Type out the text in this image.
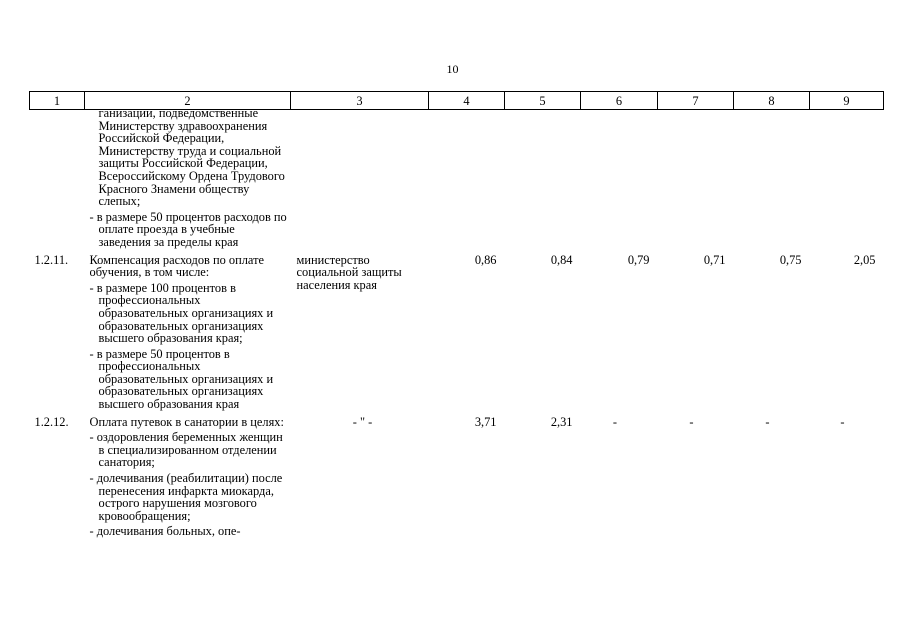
10
1	2	3	4	5	6	7	8	9

	ганизации, подведомственные Министерству здравоохранения Российской Федерации, Министерству труда и социальной защиты Российской Федерации, Всероссийскому Ордена Трудового Красного Знамени обществу слепых;
- в размере 50 процентов расходов по оплате проезда в учебные заведения за пределы края							

1.2.11.	Компенсация расходов по оплате обучения, в том числе:
- в размере 100 процентов в профессиональных образовательных организациях и образовательных организациях высшего образования края;
- в размере 50 процентов в профессиональных образовательных организациях и образовательных организациях высшего образования края	министерство социальной защиты населения края	0,86	0,84	0,79	0,71	0,75	2,05
1.2.12.	Оплата путевок в санатории в целях:
- оздоровления беременных женщин в специализированном отделении санатория;
- долечивания (реабилитации) после перенесения инфаркта миокарда, острого нарушения мозгового кровообращения;
- долечивания больных, опе-	- " -	3,71	2,31	-	-	-	-
